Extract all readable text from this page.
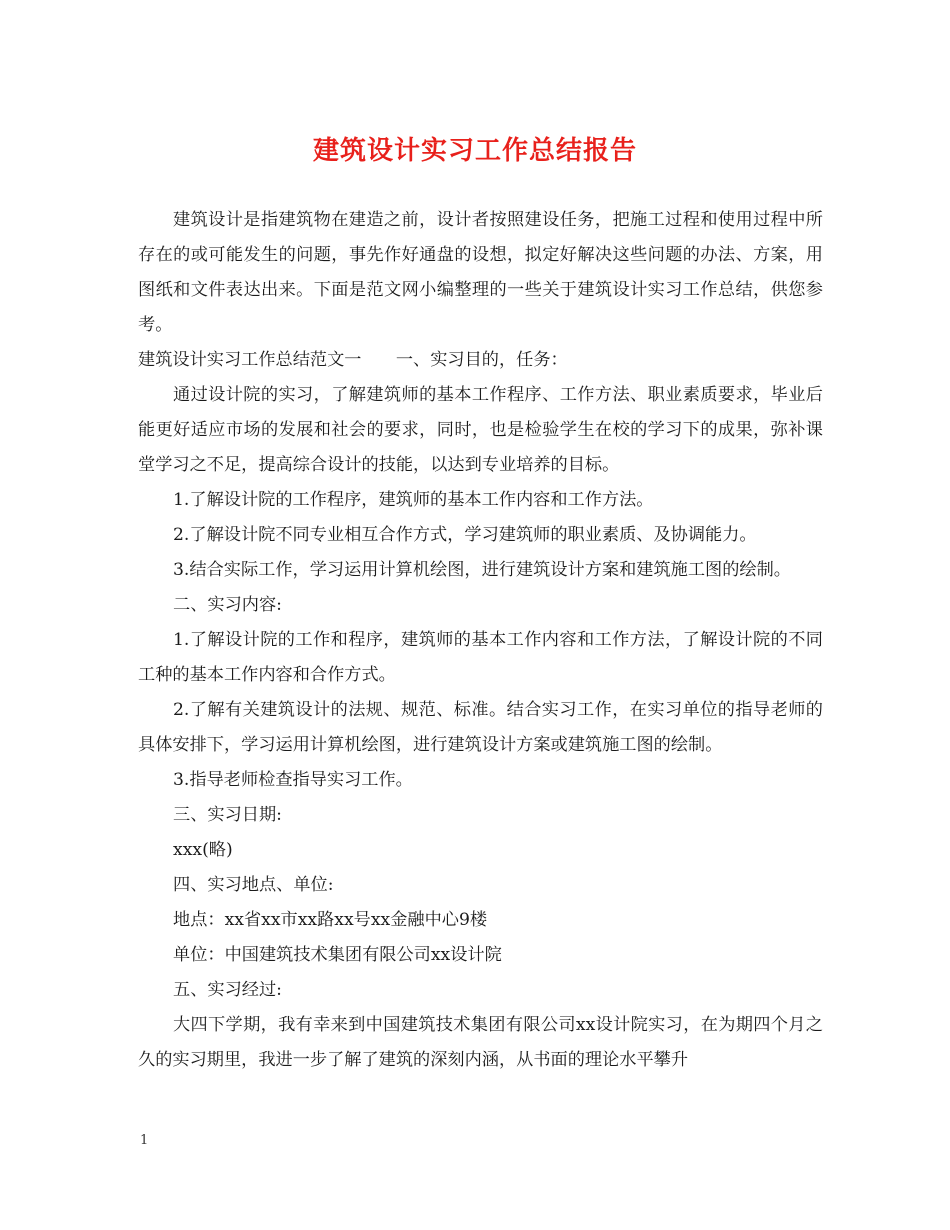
建筑设计实习工作总结报告

建筑设计是指建筑物在建造之前，设计者按照建设任务，把施工过程和使用过程中所存在的或可能发生的问题，事先作好通盘的设想，拟定好解决这些问题的办法、方案，用图纸和文件表达出来。下面是范文网小编整理的一些关于建筑设计实习工作总结，供您参考。

建筑设计实习工作总结范文一　　一、实习目的，任务：

通过设计院的实习，了解建筑师的基本工作程序、工作方法、职业素质要求，毕业后能更好适应市场的发展和社会的要求，同时，也是检验学生在校的学习下的成果，弥补课堂学习之不足，提高综合设计的技能，以达到专业培养的目标。

1.了解设计院的工作程序，建筑师的基本工作内容和工作方法。

2.了解设计院不同专业相互合作方式，学习建筑师的职业素质、及协调能力。

3.结合实际工作，学习运用计算机绘图，进行建筑设计方案和建筑施工图的绘制。

二、实习内容:

1.了解设计院的工作和程序，建筑师的基本工作内容和工作方法，了解设计院的不同工种的基本工作内容和合作方式。

2.了解有关建筑设计的法规、规范、标准。结合实习工作，在实习单位的指导老师的具体安排下，学习运用计算机绘图，进行建筑设计方案或建筑施工图的绘制。

3.指导老师检查指导实习工作。

三、实习日期:

xxx(略)

四、实习地点、单位:

地点：xx省xx市xx路xx号xx金融中心9楼

单位：中国建筑技术集团有限公司xx设计院

五、实习经过:

大四下学期，我有幸来到中国建筑技术集团有限公司xx设计院实习，在为期四个月之久的实习期里，我进一步了解了建筑的深刻内涵，从书面的理论水平攀升

1
